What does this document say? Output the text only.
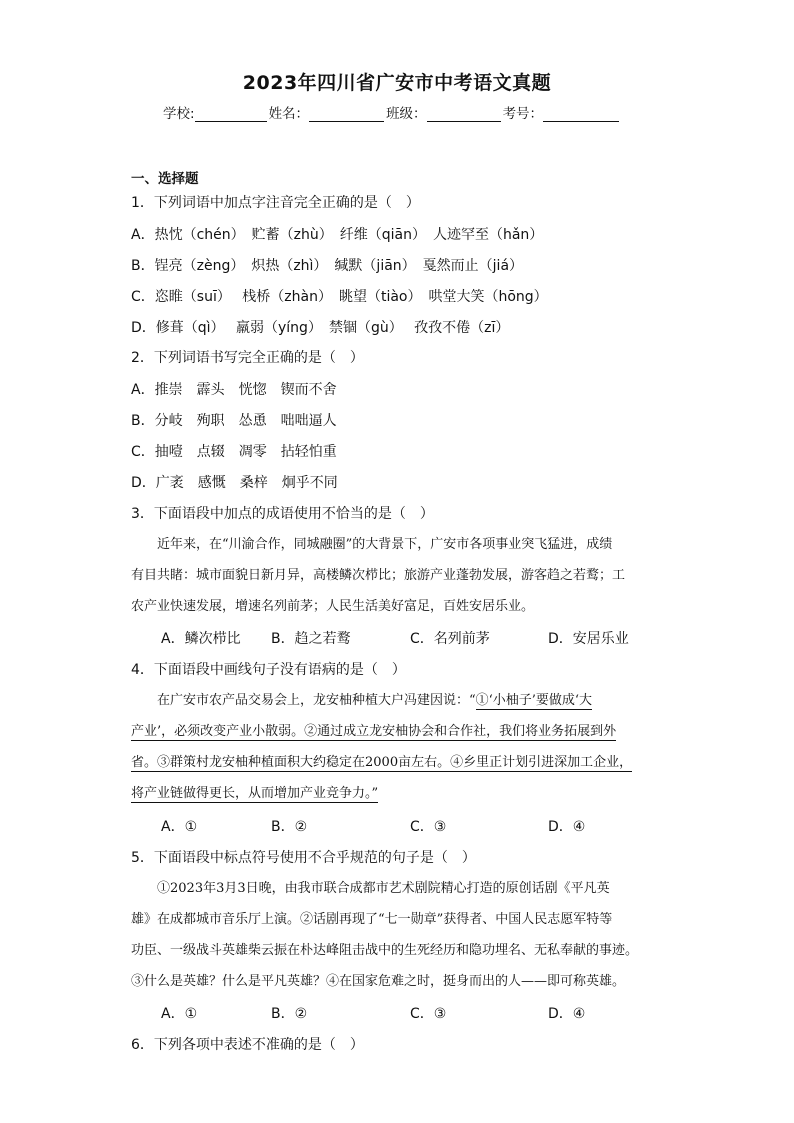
2023年四川省广安市中考语文真题
学校:	姓名：	班级：	考号：
一、选择题
1．下列词语中加点字注音完全正确的是（　）
A．热忱（chén）　贮蓄（zhù）　纤维（qiān）　人迹罕至（hǎn）
B．锃亮（zèng）　炽热（zhì）　缄默（jiān）　戛然而止（jiá）
C．恣睢（suī）　 栈桥（zhàn）　眺望（tiào）　哄堂大笑（hōng）
D．修葺（qì）　 羸弱（yíng）　禁锢（gù）　 孜孜不倦（zī）
2．下列词语书写完全正确的是（　）
A．推崇　霹头　恍惚　锲而不舍
B．分岐　殉职　怂恿　咄咄逼人
C．抽噎　点辍　凋零　拈轻怕重
D．广袤　感慨　桑梓　炯乎不同
3．下面语段中加点的成语使用不恰当的是（　）
　　近年来，在“川渝合作，同城融圈”的大背景下，广安市各项事业突飞猛进，成绩
有目共睹：城市面貌日新月异，高楼鳞次栉比；旅游产业蓬勃发展，游客趋之若鹜；工
农产业快速发展，增速名列前茅；人民生活美好富足，百姓安居乐业。
A．鳞次栉比 B．趋之若鹜	C．名列前茅	D．安居乐业
4．下面语段中画线句子没有语病的是（　）
　　在广安市农产品交易会上，龙安柚种植大户冯建因说：“①‘小柚子’要做成‘大
产业’，必须改变产业小散弱。②通过成立龙安柚协会和合作社，我们将业务拓展到外
省。③群策村龙安柚种植面积大约稳定在2000亩左右。④乡里正计划引进深加工企业，
将产业链做得更长，从而增加产业竞争力。”
A．①	B．②	C．③	D．④
5．下面语段中标点符号使用不合乎规范的句子是（　）
　　①2023年3月3日晚，由我市联合成都市艺术剧院精心打造的原创话剧《平凡英
雄》在成都城市音乐厅上演。②话剧再现了“七一勋章”获得者、中国人民志愿军特等
功臣、一级战斗英雄柴云振在朴达峰阻击战中的生死经历和隐功埋名、无私奉献的事迹。
③什么是英雄？什么是平凡英雄？④在国家危难之时，挺身而出的人——即可称英雄。
A．①	B．②	C．③	D．④
6．下列各项中表述不准确的是（　）
